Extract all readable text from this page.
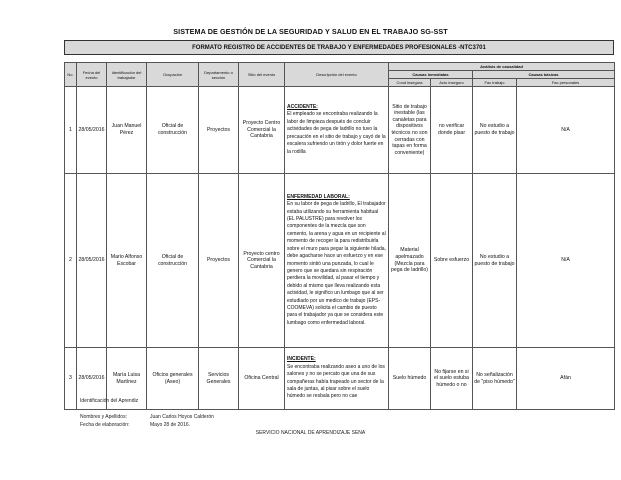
SISTEMA DE GESTIÓN DE LA SEGURIDAD Y SALUD EN EL TRABAJO SG-SST
FORMATO REGISTRO DE ACCIDENTES DE TRABAJO Y ENFERMEDADES PROFESIONALES -NTC3701
No.	Fecha del evento	Identificación del trabajador	Ocupación	Departamento o sección	Sitio del evento	Descripción del evento	Análisis de causalidad			
							Causas inmediatas		Causas básicas	
							Cond insegura	Acto inseguro	Fac trabajo	Fac personales
1	28/05/2016	Juan Manuel Pérez	Oficial de construcción	Proyectos	Proyecto Centro Comercial la Cantabria	ACCIDENTE:
El empleado se encontraba realizando la labor de limpieza después de concluir actividades de pega de ladrillo no tuvo la precaución en el sitio de trabajo y cayó de la escalera sufriendo un tirón y dolor fuerte en la rodilla	Sitio de trabajo inestable (las canaletas para dispositivos técnicos no son cerradas con tapas en forma conveniente)	no verificar donde pisar	No estudio a puesto de trabajo	N/A
2	28/05/2016	Mario Alfonso Escobar	Oficial de construcción	Proyectos	Proyecto centro Comercial la Cantabria	ENFERMEDAD LABORAL:
En su labor de pega de ladrillo, El trabajador estaba utilizando su herramienta habitual (EL PALUSTRE) para revolver los componentes de la mezcla que son cemento, la arena y agua en un recipiente al momento de recoger la para redistribuirla sobre el muro para pegar la siguiente hilada, debe agacharse hace un esfuerzo y en ese momento sintió una punzada, lo cual le genero que se quedara sin respiración perdiera la movilidad, al pasar el tiempo y debido al mismo que lleva realizando esta actividad, le significo un lumbago que al ser estudiado por un medico de trabajo (EPS-COOMEVA) solicita el cambio de puesto para el trabajador ya que se considera este lumbago como enfermedad laboral.	Material apelmazado (Mezcla para pega de ladrillo)	Sobre esfuerzo	No estudio a puesto de trabajo	N/A
3	28/05/2016	María Luisa Martínez	Oficios generales (Aseo)	Servicios Generales	Oficina Central	INCIDENTE:
Se encontraba realizando aseo a uno de los salones y no se percato que una de sus compañeras había trapeado un sector de la sala de juntas, al pisar sobre el suelo húmedo se resbala pero no cae	Suelo húmedo	No fijarse en si el suelo estuba húmedo o no	No señalización de "piso húmedo"	Afán
Identificación del Aprendiz
Nombres y Apellidos:	Juan Carlos Hoyos Calderón
Fecha de elaboración:	Mayo 28 de 2016.
SERVICIO NACIONAL DE APRENDIZAJE SENA
